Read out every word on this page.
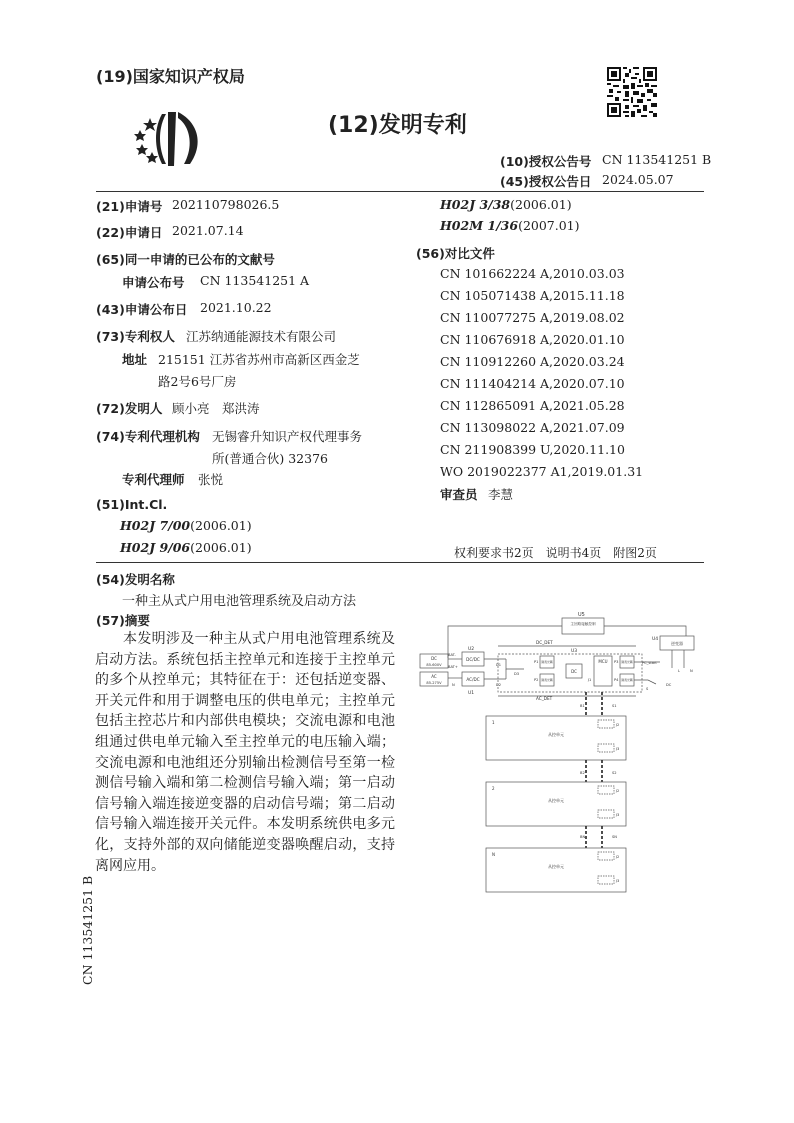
(19)国家知识产权局
(12)发明专利
(10)授权公告号 CN 113541251 B
(45)授权公告日 2024.05.07
(21)申请号 202110798026.5
(22)申请日 2021.07.14
(65)同一申请的已公布的文献号
申请公布号 CN 113541251 A
(43)申请公布日 2021.10.22
(73)专利权人 江苏纳通能源技术有限公司
地址 215151 江苏省苏州市高新区西金芝
路2号6号厂房
(72)发明人 顾小亮　郑洪涛
(74)专利代理机构 无锡睿升知识产权代理事务
所(普通合伙) 32376
专利代理师 张悦
(51)Int.Cl.
H02J 7/00(2006.01)
H02J 9/06(2006.01)
H02J 3/38(2006.01)
H02M 1/36(2007.01)
(56)对比文件
CN 101662224 A,2010.03.03
CN 105071438 A,2015.11.18
CN 110077275 A,2019.08.02
CN 110676918 A,2020.01.10
CN 110912260 A,2020.03.24
CN 111404214 A,2020.07.10
CN 112865091 A,2021.05.28
CN 113098022 A,2021.07.09
CN 211908399 U,2020.11.10
WO 2019022377 A1,2019.01.31
审查员 李慧
权利要求书2页　说明书4页　附图2页
(54)发明名称
一种主从式户用电池管理系统及启动方法
(57)摘要
本发明涉及一种主从式户用电池管理系统及启动方法。系统包括主控单元和连接于主控单元的多个从控单元；其特征在于：还包括逆变器、开关元件和用于调整电压的供电单元；主控单元包括主控芯片和内部供电模块；交流电源和电池组通过供电单元输入至主控单元的电压输入端；交流电源和电池组还分别输出检测信号至第一检测信号输入端和第二检测信号输入端；第一启动信号输入端连接逆变器的启动信号端；第二启动信号输入端连接开关元件。本发明系统供电多元化，支持外部的双向储能逆变器唤醒启动，支持离网应用。
CN 113541251 B
U5
主回路接触控制
DC_DET
U3
U4
逆变器
U2
BAT-
BAT+
DC/DC
DC
85-600V
AC
85-275V	N
AC/DC
U1
D1
D2
D3
P1 隔离光耦
P2 隔离光耦
DC
MCU
J1
P3 隔离光耦
P4 隔离光耦
PC_start
L	N
S
DC
AC_DET
B1	S1
1
从控单元
J2
J3
B2	S2
2
从控单元
J2
J3
BN	SN
N
从控单元
J2
J3
